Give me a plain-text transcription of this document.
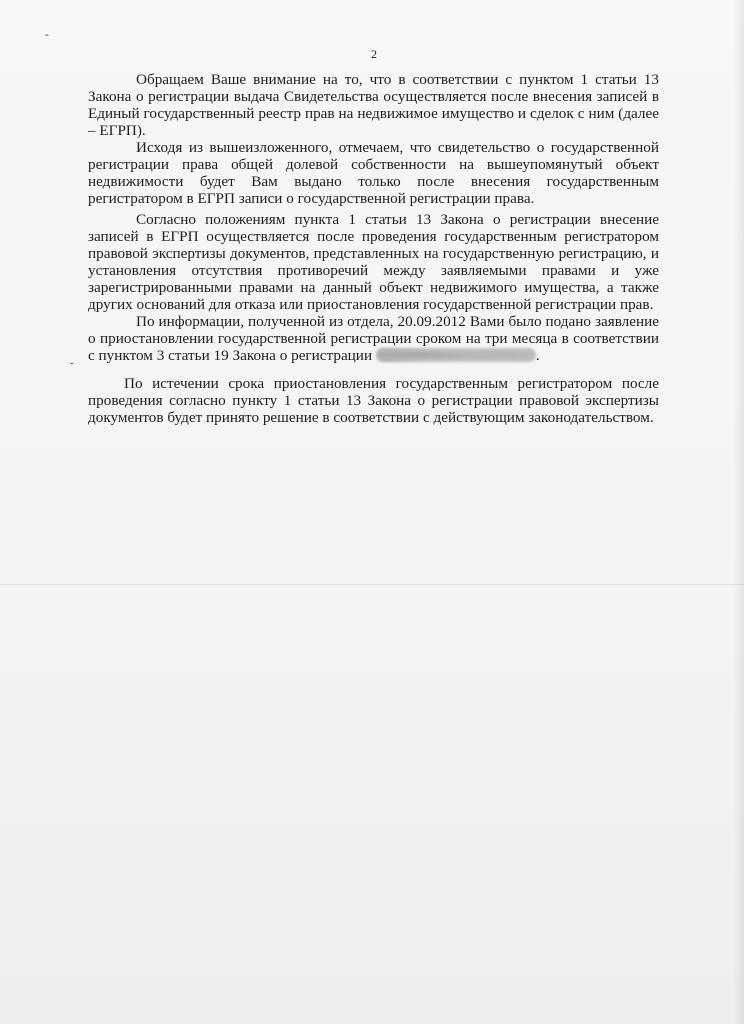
ˆ
ˇ
2

Обращаем Ваше внимание на то, что в соответствии с пунктом 1 статьи 13 Закона о регистрации выдача Свидетельства осуществляется после внесения записей в Единый государственный реестр прав на недвижимое имущество и сделок с ним (далее – ЕГРП).

Исходя из вышеизложенного, отмечаем, что свидетельство о государственной регистрации права общей долевой собственности на вышеупомянутый объект недвижимости будет Вам выдано только после внесения государственным регистратором в ЕГРП записи о государственной регистрации права.

Согласно положениям пункта 1 статьи 13 Закона о регистрации внесение записей в ЕГРП осуществляется после проведения государственным регистратором правовой экспертизы документов, представленных на государственную регистрацию, и установления отсутствия противоречий между заявляемыми правами и уже зарегистрированными правами на данный объект недвижимого имущества, а также других оснований для отказа или приостановления государственной регистрации прав.

По информации, полученной из отдела, 20.09.2012 Вами было подано заявление о приостановлении государственной регистрации сроком на три месяца в соответствии с пунктом 3 статьи 19 Закона о регистрации	.

По истечении срока приостановления государственным регистратором после проведения согласно пункту 1 статьи 13 Закона о регистрации правовой экспертизы документов будет принято решение в соответствии с действующим законодательством.
